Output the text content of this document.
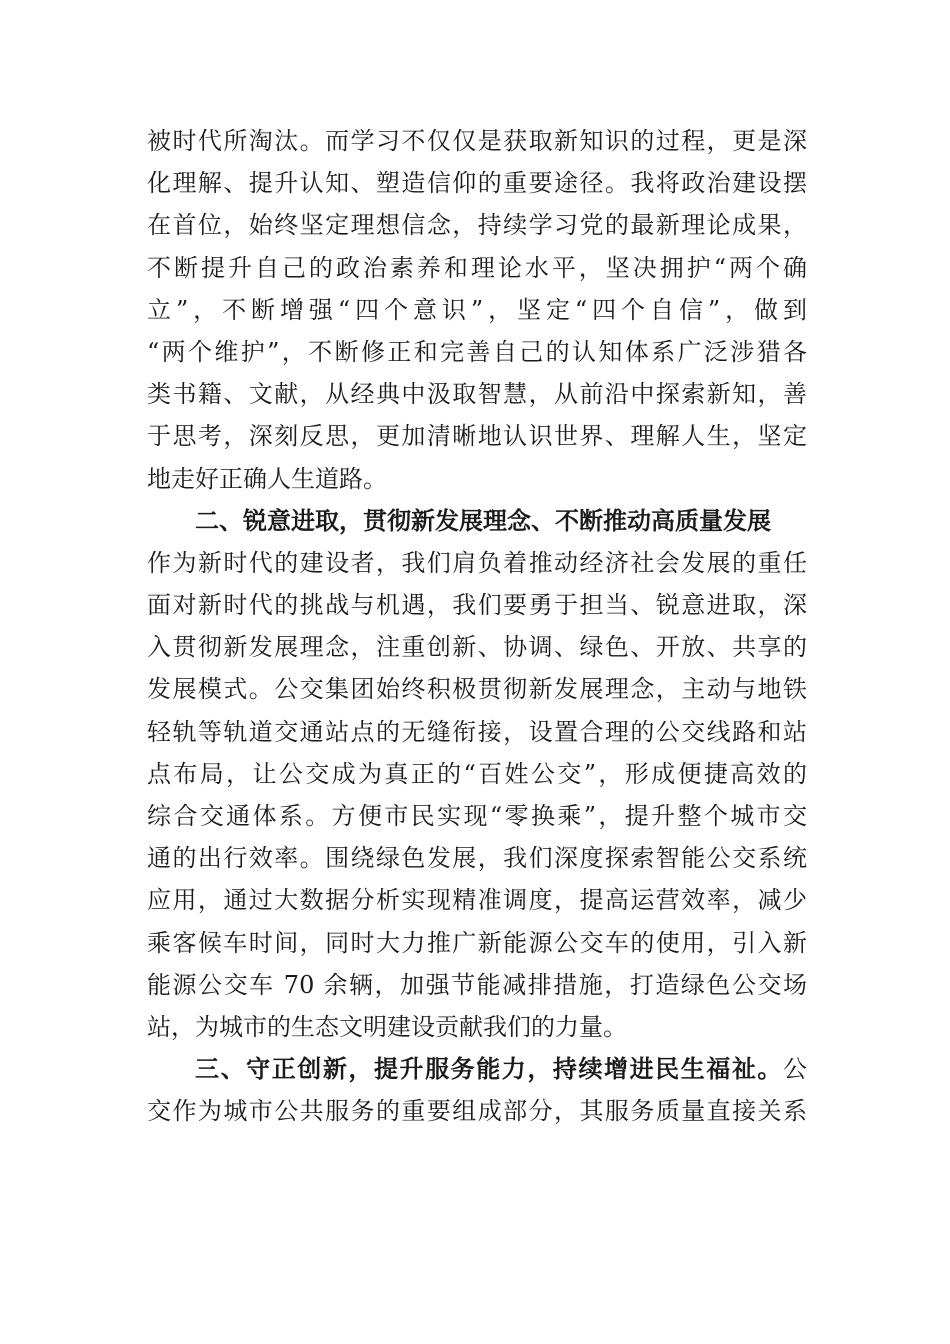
被时代所淘汰。而学习不仅仅是获取新知识的过程，更是深
化理解、提升认知、塑造信仰的重要途径。我将政治建设摆
在首位，始终坚定理想信念，持续学习党的最新理论成果，
不断提升自己的政治素养和理论水平，坚决拥护“两个确
立”，不断增强“四个意识”，坚定“四个自信”，做到
“两个维护”，不断修正和完善自己的认知体系广泛涉猎各
类书籍、文献，从经典中汲取智慧，从前沿中探索新知，善
于思考，深刻反思，更加清晰地认识世界、理解人生，坚定
地走好正确人生道路。
二、锐意进取，贯彻新发展理念、不断推动高质量发展
作为新时代的建设者，我们肩负着推动经济社会发展的重任
面对新时代的挑战与机遇，我们要勇于担当、锐意进取，深
入贯彻新发展理念，注重创新、协调、绿色、开放、共享的
发展模式。公交集团始终积极贯彻新发展理念，主动与地铁
轻轨等轨道交通站点的无缝衔接，设置合理的公交线路和站
点布局，让公交成为真正的“百姓公交”，形成便捷高效的
综合交通体系。方便市民实现“零换乘”，提升整个城市交
通的出行效率。围绕绿色发展，我们深度探索智能公交系统
应用，通过大数据分析实现精准调度，提高运营效率，减少
乘客候车时间，同时大力推广新能源公交车的使用，引入新
能源公交车 70 余辆，加强节能减排措施，打造绿色公交场
站，为城市的生态文明建设贡献我们的力量。
三、守正创新，提升服务能力，持续增进民生福祉。公
交作为城市公共服务的重要组成部分，其服务质量直接关系
